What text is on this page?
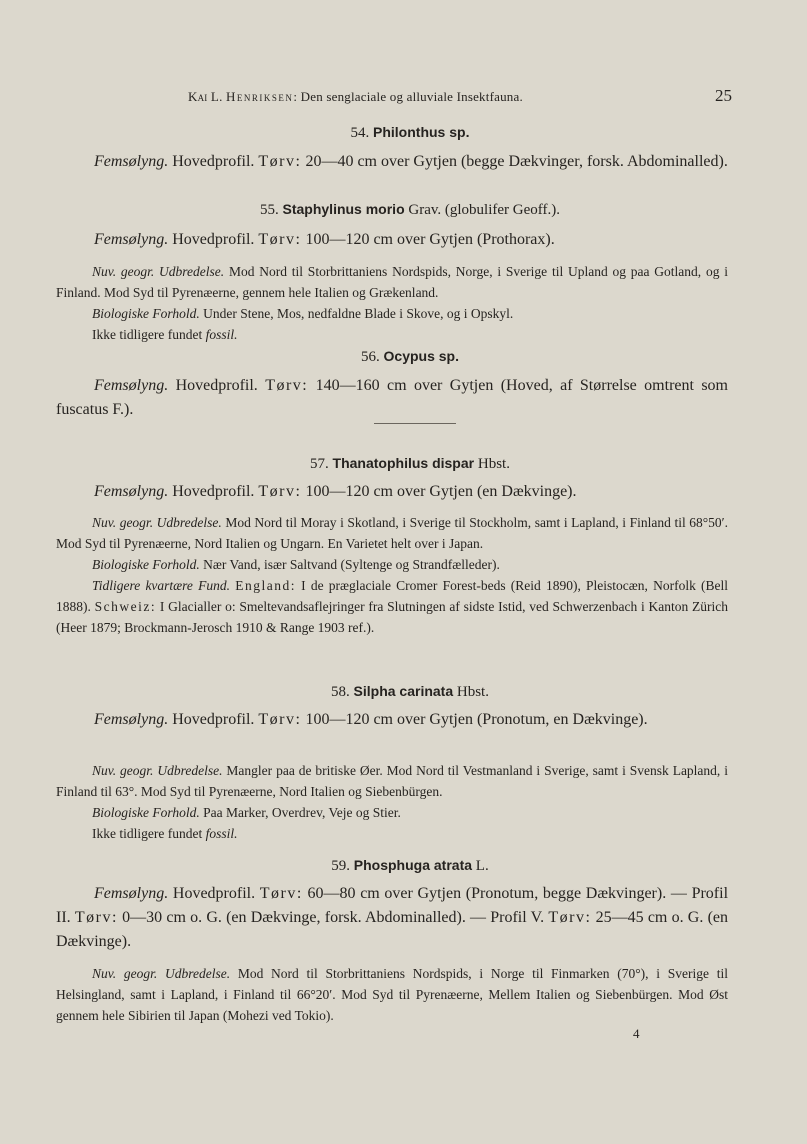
Kai L. Henriksen: Den senglaciale og alluviale Insektfauna.	25
54. Philonthus sp.

Femsølyng. Hovedprofil. Tørv: 20—40 cm over Gytjen (begge Dækvinger, forsk. Abdominalled).

55. Staphylinus morio Grav. (globulifer Geoff.).

Femsølyng. Hovedprofil. Tørv: 100—120 cm over Gytjen (Prothorax).

Nuv. geogr. Udbredelse. Mod Nord til Storbrittaniens Nordspids, Norge, i Sverige til Upland og paa Gotland, og i Finland. Mod Syd til Pyrenæerne, gennem hele Italien og Grækenland.
Biologiske Forhold. Under Stene, Mos, nedfaldne Blade i Skove, og i Opskyl.
Ikke tidligere fundet fossil.
56. Ocypus sp.

Femsølyng. Hovedprofil. Tørv: 140—160 cm over Gytjen (Hoved, af Størrelse omtrent som fuscatus F.).

57. Thanatophilus dispar Hbst.

Femsølyng. Hovedprofil. Tørv: 100—120 cm over Gytjen (en Dækvinge).

Nuv. geogr. Udbredelse. Mod Nord til Moray i Skotland, i Sverige til Stockholm, samt i Lapland, i Finland til 68°50′. Mod Syd til Pyrenæerne, Nord Italien og Ungarn. En Varietet helt over i Japan.
Biologiske Forhold. Nær Vand, især Saltvand (Syltenge og Strandfælleder).
Tidligere kvartære Fund. England: I de præglaciale Cromer Forest-beds (Reid 1890), Pleistocæn, Norfolk (Bell 1888). Schweiz: I Glacialler o: Smeltevandsaflejringer fra Slutningen af sidste Istid, ved Schwerzenbach i Kanton Zürich (Heer 1879; Brockmann-Jerosch 1910 & Range 1903 ref.).
58. Silpha carinata Hbst.

Femsølyng. Hovedprofil. Tørv: 100—120 cm over Gytjen (Pronotum, en Dækvinge).

Nuv. geogr. Udbredelse. Mangler paa de britiske Øer. Mod Nord til Vestmanland i Sverige, samt i Svensk Lapland, i Finland til 63°. Mod Syd til Pyrenæerne, Nord Italien og Siebenbürgen.
Biologiske Forhold. Paa Marker, Overdrev, Veje og Stier.
Ikke tidligere fundet fossil.
59. Phosphuga atrata L.

Femsølyng. Hovedprofil. Tørv: 60—80 cm over Gytjen (Pronotum, begge Dækvinger). — Profil II. Tørv: 0—30 cm o. G. (en Dækvinge, forsk. Abdominalled). — Profil V. Tørv: 25—45 cm o. G. (en Dækvinge).

Nuv. geogr. Udbredelse. Mod Nord til Storbrittaniens Nordspids, i Norge til Finmarken (70°), i Sverige til Helsingland, samt i Lapland, i Finland til 66°20′. Mod Syd til Pyrenæerne, Mellem Italien og Siebenbürgen. Mod Øst gennem hele Sibirien til Japan (Mohezi ved Tokio).
4
